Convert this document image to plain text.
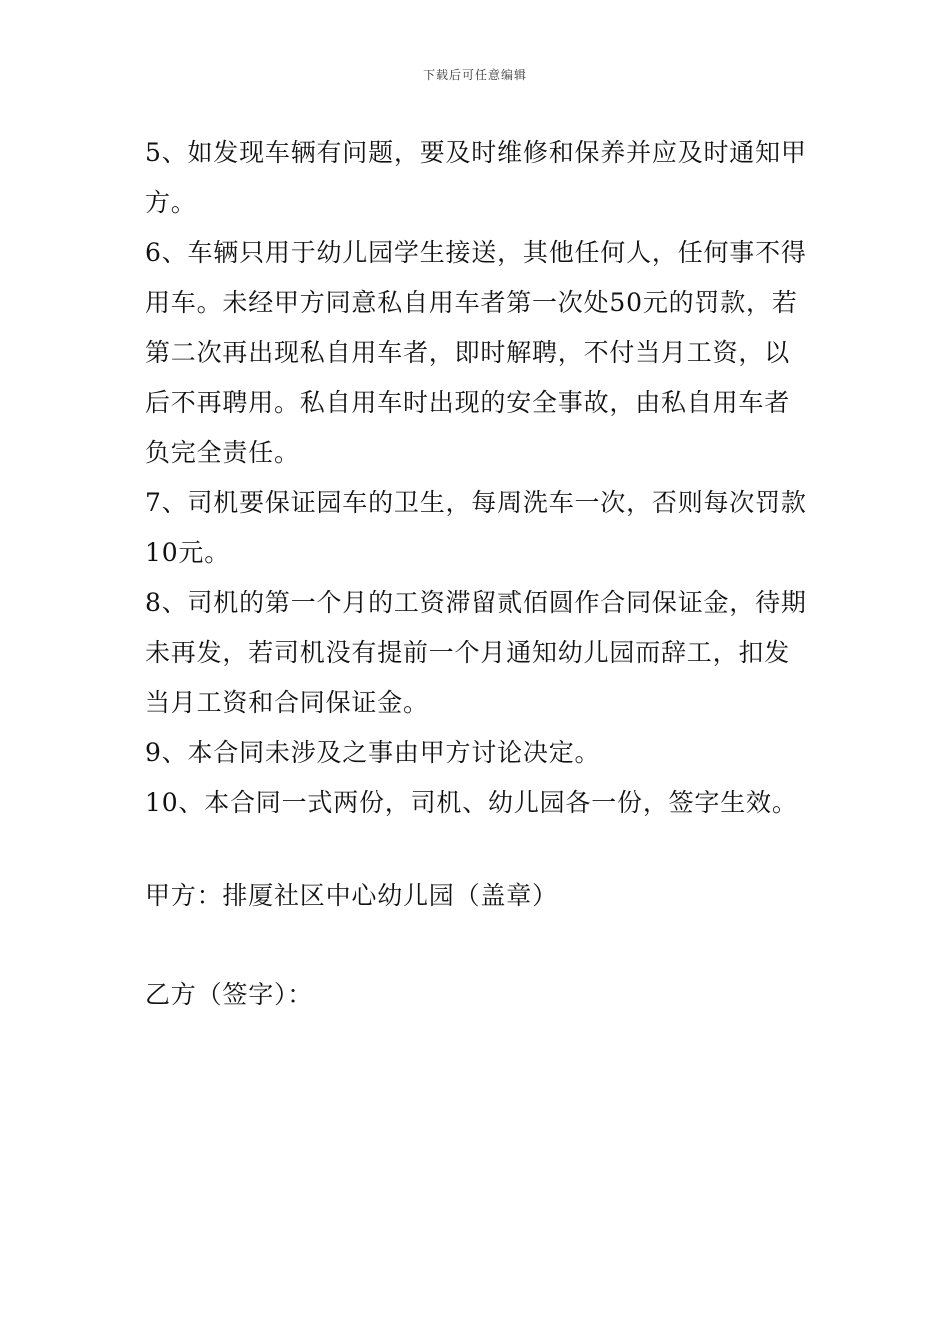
下载后可任意编辑

5、如发现车辆有问题，要及时维修和保养并应及时通知甲方。

6、车辆只用于幼儿园学生接送，其他任何人，任何事不得用车。未经甲方同意私自用车者第一次处50元的罚款，若第二次再出现私自用车者，即时解聘，不付当月工资，以后不再聘用。私自用车时出现的安全事故，由私自用车者负完全责任。

7、司机要保证园车的卫生，每周洗车一次，否则每次罚款10元。

8、司机的第一个月的工资滞留贰佰圆作合同保证金，待期未再发，若司机没有提前一个月通知幼儿园而辞工，扣发当月工资和合同保证金。

9、本合同未涉及之事由甲方讨论决定。

10、本合同一式两份，司机、幼儿园各一份，签字生效。

甲方：排厦社区中心幼儿园（盖章）

乙方（签字）：
